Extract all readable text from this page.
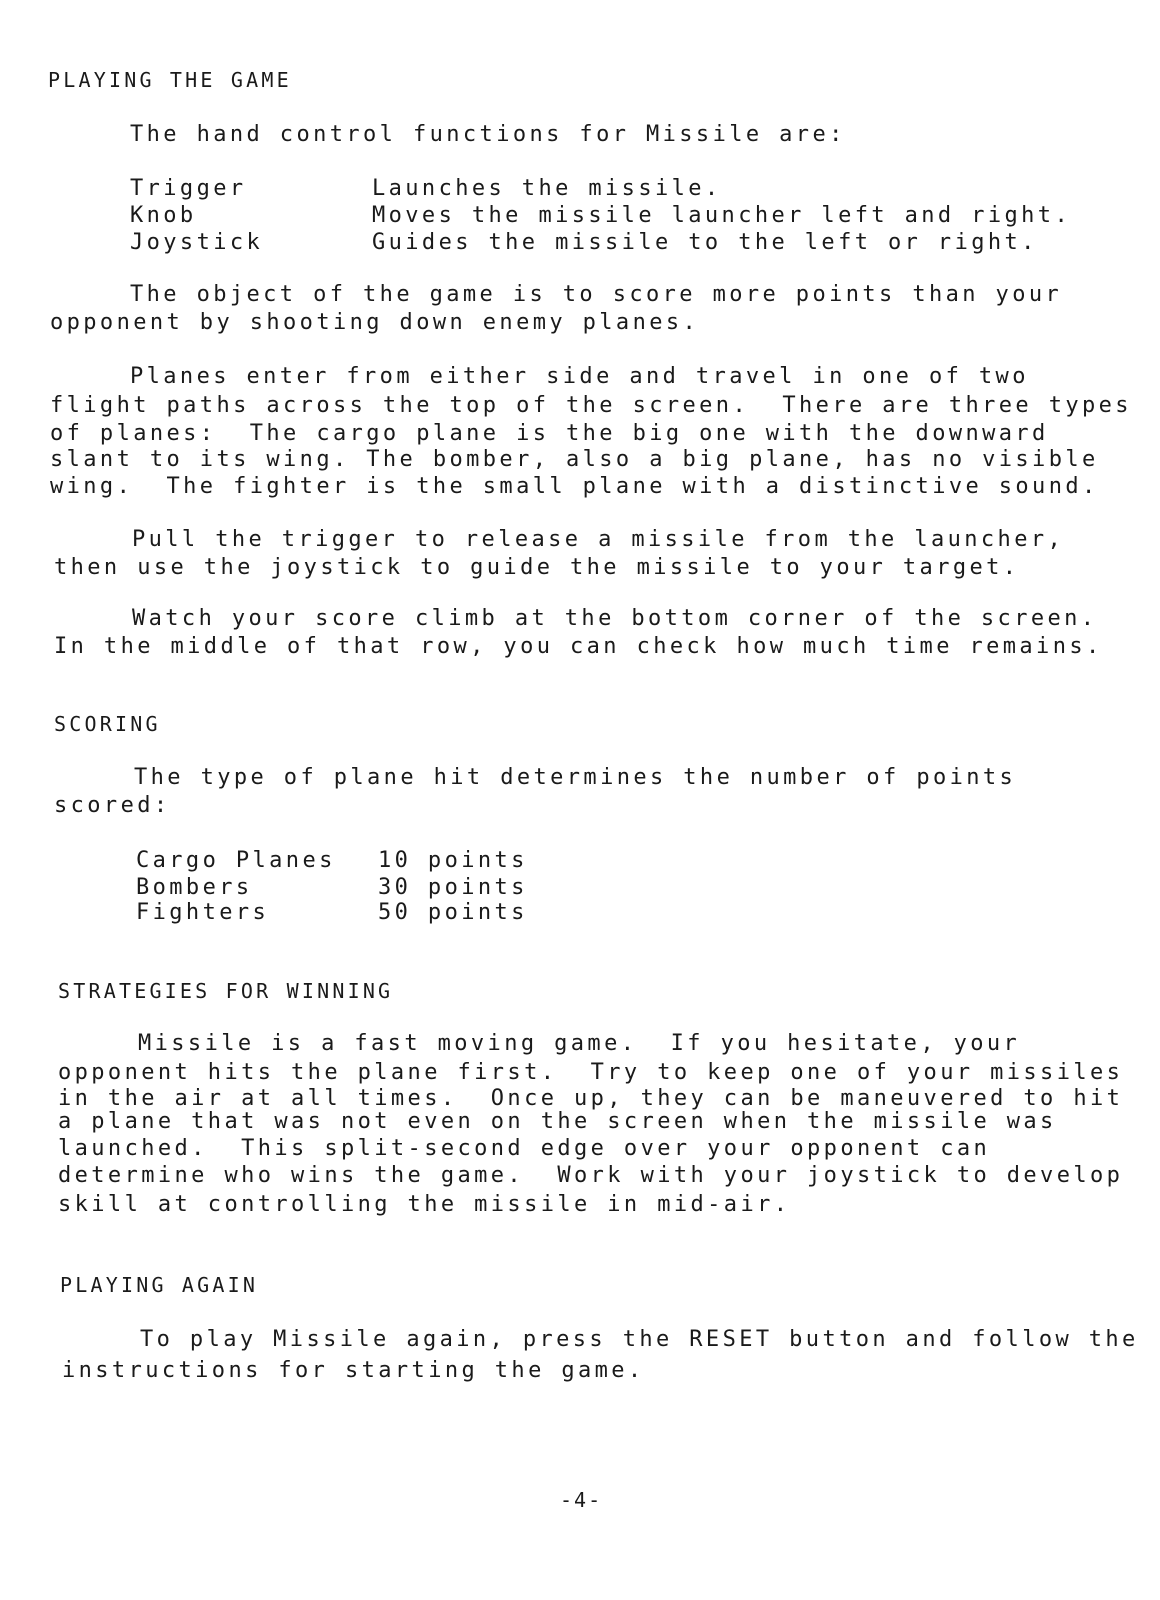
PLAYING THE GAME
The hand control functions for Missile are:
Trigger	Launches the missile.
Knob	Moves the missile launcher left and right.
Joystick	Guides the missile to the left or right.
The object of the game is to score more points than your
opponent by shooting down enemy planes.
Planes enter from either side and travel in one of two
flight paths across the top of the screen.  There are three types
of planes:  The cargo plane is the big one with the downward
slant to its wing. The bomber, also a big plane, has no visible
wing.  The fighter is the small plane with a distinctive sound.
Pull the trigger to release a missile from the launcher,
then use the joystick to guide the missile to your target.
Watch your score climb at the bottom corner of the screen.
In the middle of that row, you can check how much time remains.
SCORING
The type of plane hit determines the number of points
scored:
Cargo Planes 10 points
Bombers	30 points
Fighters	50 points
STRATEGIES FOR WINNING
Missile is a fast moving game.  If you hesitate, your
opponent hits the plane first.  Try to keep one of your missiles
in the air at all times.  Once up, they can be maneuvered to hit
a plane that was not even on the screen when the missile was
launched.  This split-second edge over your opponent can
determine who wins the game.  Work with your joystick to develop
skill at controlling the missile in mid-air.
PLAYING AGAIN
To play Missile again, press the RESET button and follow the
instructions for starting the game.
-4-
